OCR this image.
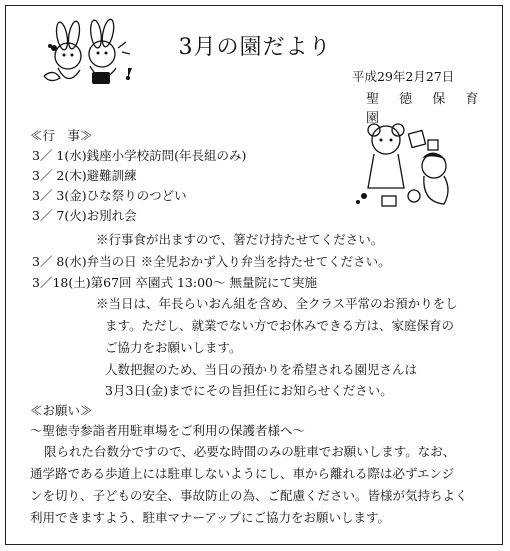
3月の園だより
平成29年2月27日
聖 徳 保 育 園
≪行　事≫
3／ 1(水)銭座小学校訪問(年長組のみ)
3／ 2(木)避難訓練
3／ 3(金)ひな祭りのつどい
3／ 7(火)お別れ会
※行事食が出ますので、箸だけ持たせてください。
3／ 8(水)弁当の日 ※全児おかず入り弁当を持たせてください。
3／18(土)第67回 卒園式 13:00～ 無量院にて実施
※当日は、年長らいおん組を含め、全クラス平常のお預かりをし
ます。ただし、就業でない方でお休みできる方は、家庭保育の
ご協力をお願いします。
人数把握のため、当日の預かりを希望される園児さんは
3月3日(金)までにその旨担任にお知らせください。
≪お願い≫
～聖徳寺参詣者用駐車場をご利用の保護者様へ～
限られた台数分ですので、必要な時間のみの駐車でお願いします。なお、
通学路である歩道上には駐車しないようにし、車から離れる際は必ずエンジ
ンを切り、子どもの安全、事故防止の為、ご配慮ください。皆様が気持ちよく
利用できますよう、駐車マナーアップにご協力をお願いします。
